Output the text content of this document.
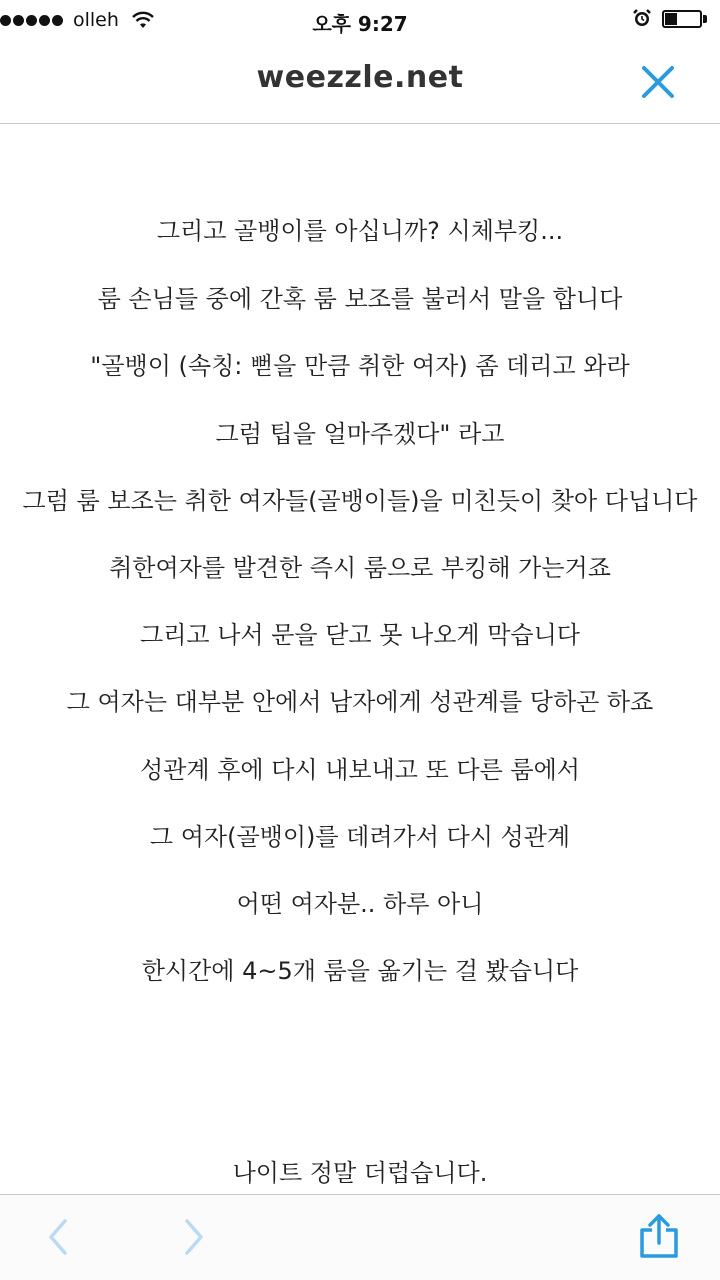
olleh	오후 9:27
weezzle.net
그리고 골뱅이를 아십니까? 시체부킹...
룸 손님들 중에 간혹 룸 보조를 불러서 말을 합니다
"골뱅이 (속칭: 뻗을 만큼 취한 여자) 좀 데리고 와라
그럼 팁을 얼마주겠다" 라고
그럼 룸 보조는 취한 여자들(골뱅이들)을 미친듯이 찾아 다닙니다
취한여자를 발견한 즉시 룸으로 부킹해 가는거죠
그리고 나서 문을 닫고 못 나오게 막습니다
그 여자는 대부분 안에서 남자에게 성관계를 당하곤 하죠
성관계 후에 다시 내보내고 또 다른 룸에서
그 여자(골뱅이)를 데려가서 다시 성관계
어떤 여자분.. 하루 아니
한시간에 4~5개 룸을 옮기는 걸 봤습니다
나이트 정말 더럽습니다.
